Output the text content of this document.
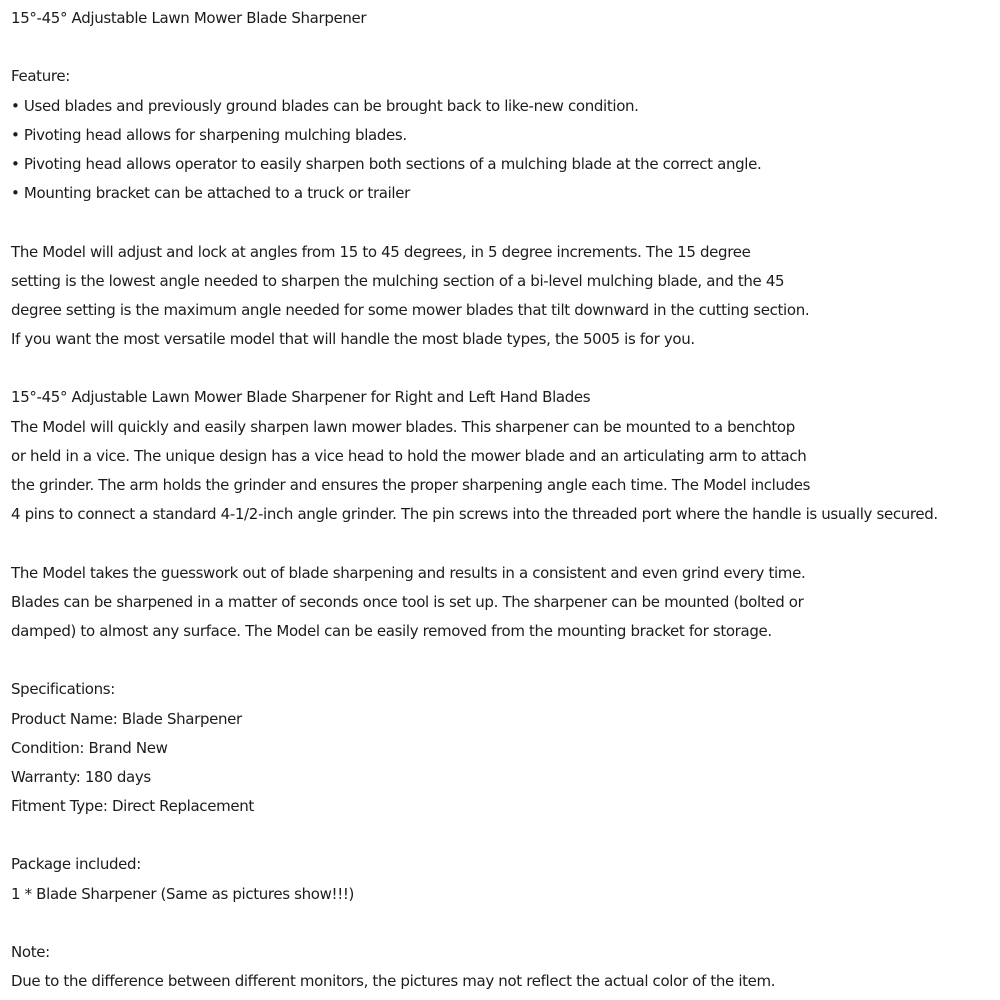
15°-45° Adjustable Lawn Mower Blade Sharpener
Feature:
• Used blades and previously ground blades can be brought back to like-new condition.
• Pivoting head allows for sharpening mulching blades.
• Pivoting head allows operator to easily sharpen both sections of a mulching blade at the correct angle.
• Mounting bracket can be attached to a truck or trailer
The Model will adjust and lock at angles from 15 to 45 degrees, in 5 degree increments. The 15 degree
setting is the lowest angle needed to sharpen the mulching section of a bi-level mulching blade, and the 45
degree setting is the maximum angle needed for some mower blades that tilt downward in the cutting section.
If you want the most versatile model that will handle the most blade types, the 5005 is for you.
15°-45° Adjustable Lawn Mower Blade Sharpener for Right and Left Hand Blades
The Model will quickly and easily sharpen lawn mower blades. This sharpener can be mounted to a benchtop
or held in a vice. The unique design has a vice head to hold the mower blade and an articulating arm to attach
the grinder. The arm holds the grinder and ensures the proper sharpening angle each time. The Model includes
4 pins to connect a standard 4-1/2-inch angle grinder. The pin screws into the threaded port where the handle is usually secured.
The Model takes the guesswork out of blade sharpening and results in a consistent and even grind every time.
Blades can be sharpened in a matter of seconds once tool is set up. The sharpener can be mounted (bolted or
damped) to almost any surface. The Model can be easily removed from the mounting bracket for storage.
Specifications:
Product Name: Blade Sharpener
Condition: Brand New
Warranty: 180 days
Fitment Type: Direct Replacement
Package included:
1 * Blade Sharpener (Same as pictures show!!!)
Note:
Due to the difference between different monitors, the pictures may not reflect the actual color of the item.
